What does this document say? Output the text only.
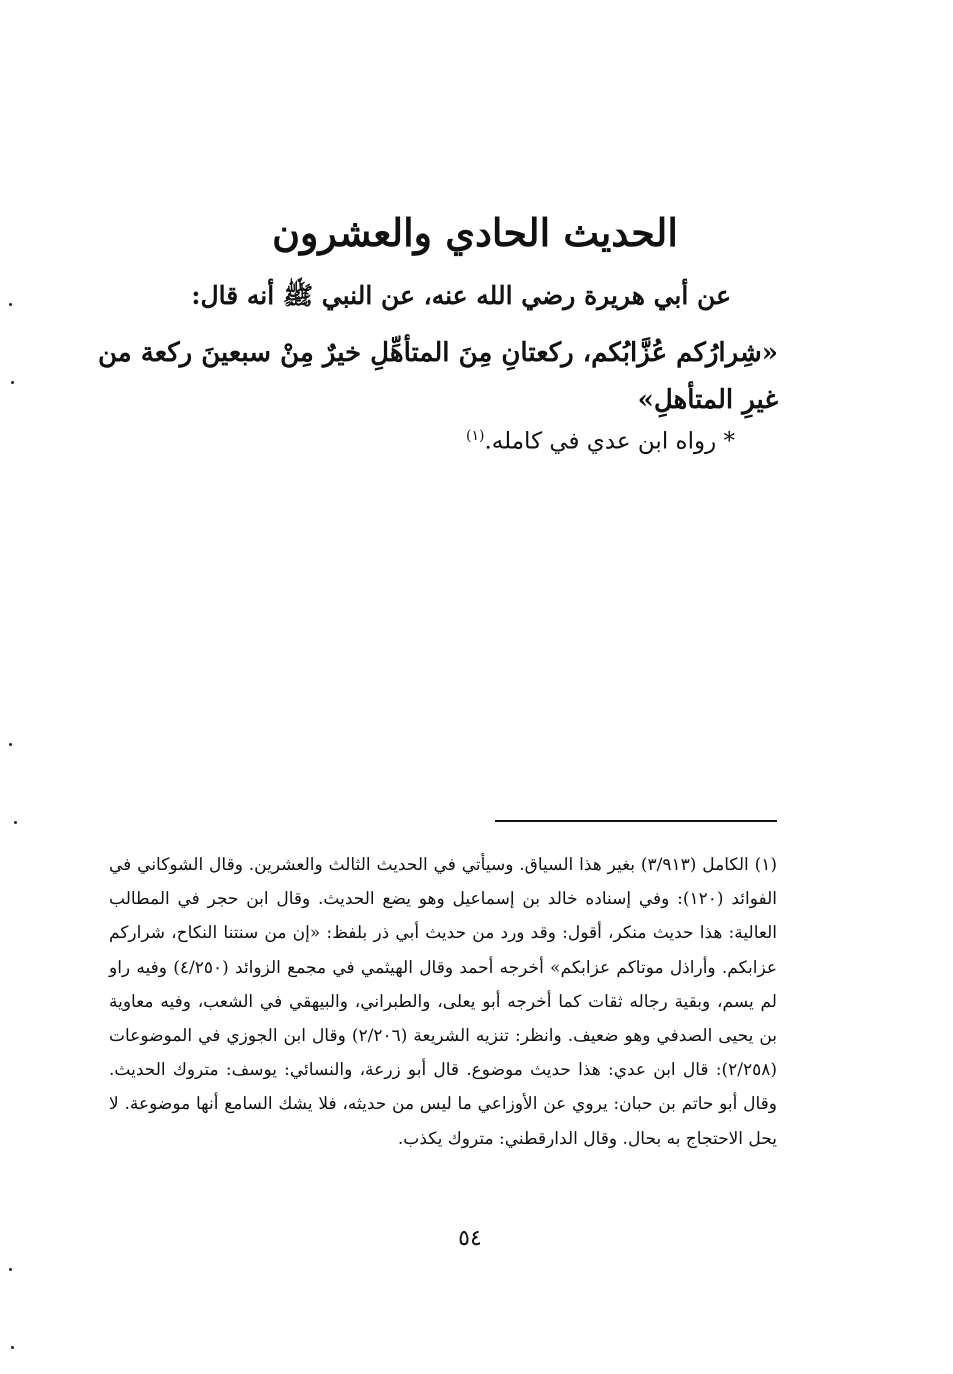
الحديث الحادي والعشرون

عن أبي هريرة رضي الله عنه، عن النبي ﷺ أنه قال:

«شِرارُكم عُزَّابُكم، ركعتانِ مِنَ المتأهِّلِ خيرٌ مِنْ سبعينَ ركعة من غيرِ المتأهلِ»

* رواه ابن عدي في كامله.$^{(١)}$

(١) الكامل (٣/٩١٣) بغير هذا السياق. وسيأتي في الحديث الثالث والعشرين. وقال الشوكاني في الفوائد (١٢٠): وفي إسناده خالد بن إسماعيل وهو يضع الحديث. وقال ابن حجر في المطالب العالية: هذا حديث منكر، أقول: وقد ورد من حديث أبي ذر بلفظ: «إن من سنتنا النكاح، شراركم عزابكم. وأراذل موتاكم عزابكم» أخرجه أحمد وقال الهيثمي في مجمع الزوائد (٤/٢٥٠) وفيه راو لم يسم، وبقية رجاله ثقات كما أخرجه أبو يعلى، والطبراني، والبيهقي في الشعب، وفيه معاوية بن يحيى الصدفي وهو ضعيف. وانظر: تنزيه الشريعة (٢/٢٠٦) وقال ابن الجوزي في الموضوعات (٢/٢٥٨): قال ابن عدي: هذا حديث موضوع. قال أبو زرعة، والنسائي: يوسف: متروك الحديث. وقال أبو حاتم بن حبان: يروي عن الأوزاعي ما ليس من حديثه، فلا يشك السامع أنها موضوعة. لا يحل الاحتجاج به بحال. وقال الدارقطني: متروك يكذب.

٥٤
